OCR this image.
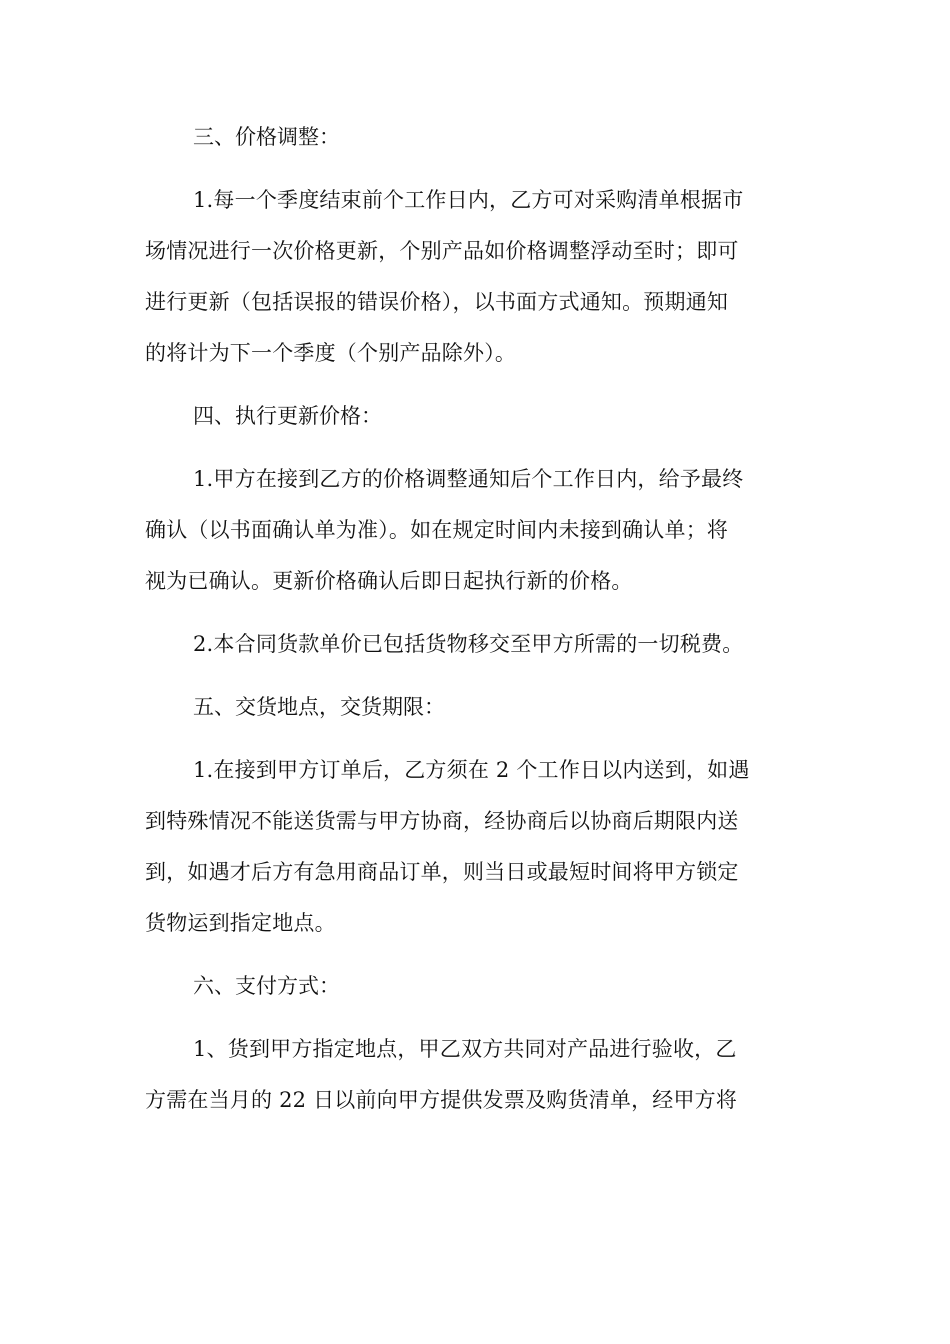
三、价格调整：
1.每一个季度结束前个工作日内，乙方可对采购清单根据市
场情况进行一次价格更新，个别产品如价格调整浮动至时；即可
进行更新（包括误报的错误价格），以书面方式通知。预期通知
的将计为下一个季度（个别产品除外）。
四、执行更新价格：
1.甲方在接到乙方的价格调整通知后个工作日内，给予最终
确认（以书面确认单为准）。如在规定时间内未接到确认单；将
视为已确认。更新价格确认后即日起执行新的价格。
2.本合同货款单价已包括货物移交至甲方所需的一切税费。
五、交货地点，交货期限：
1.在接到甲方订单后，乙方须在 2 个工作日以内送到，如遇
到特殊情况不能送货需与甲方协商，经协商后以协商后期限内送
到，如遇才后方有急用商品订单，则当日或最短时间将甲方锁定
货物运到指定地点。
六、支付方式：
1、货到甲方指定地点，甲乙双方共同对产品进行验收，乙
方需在当月的 22 日以前向甲方提供发票及购货清单，经甲方将
